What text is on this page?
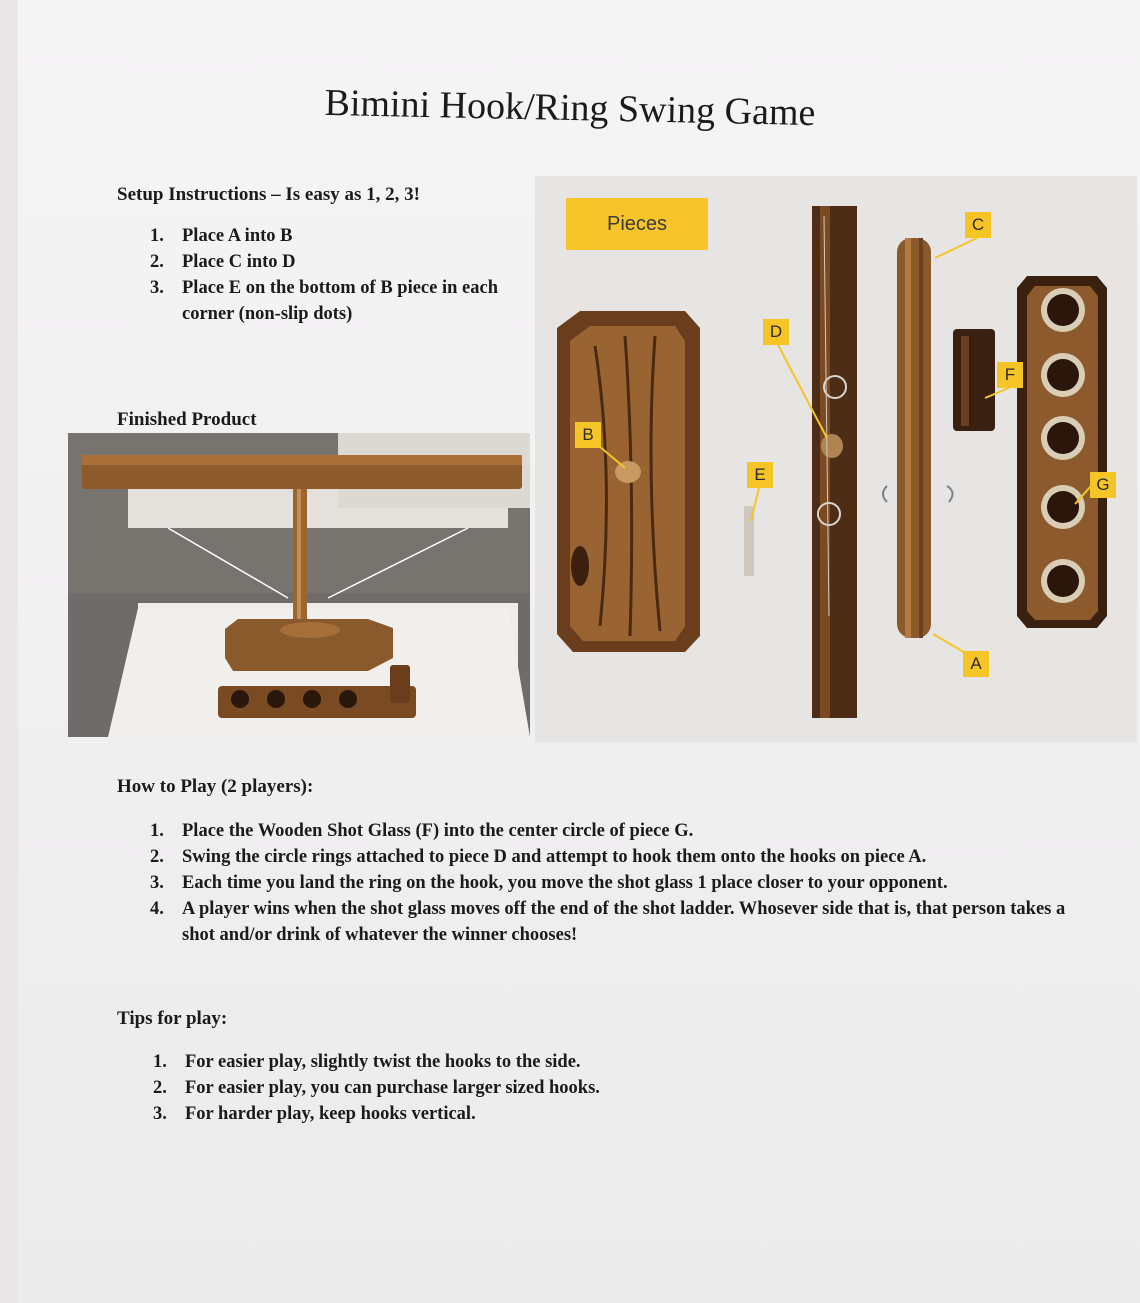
Bimini Hook/Ring Swing Game

Setup Instructions – Is easy as 1, 2, 3!

1. Place A into B
2. Place C into D
3. Place E on the bottom of B piece in each corner (non-slip dots)

Finished Product

Pieces
B
D
E
C
F
G
A

How to Play (2 players):

1. Place the Wooden Shot Glass (F) into the center circle of piece G.
2. Swing the circle rings attached to piece D and attempt to hook them onto the hooks on piece A.
3. Each time you land the ring on the hook, you move the shot glass 1 place closer to your opponent.
4. A player wins when the shot glass moves off the end of the shot ladder. Whosever side that is, that person takes a shot and/or drink of whatever the winner chooses!

Tips for play:

1. For easier play, slightly twist the hooks to the side.
2. For easier play, you can purchase larger sized hooks.
3. For harder play, keep hooks vertical.
